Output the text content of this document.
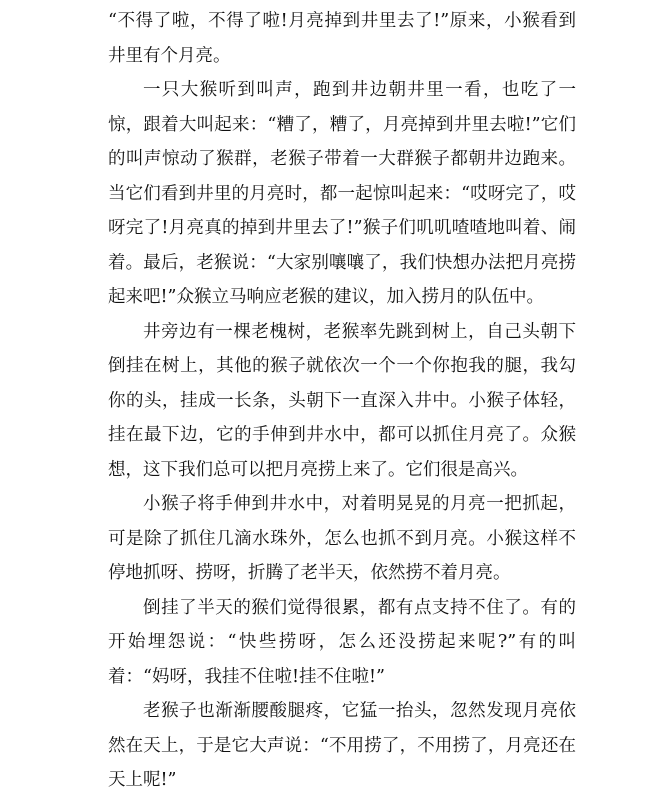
“不得了啦，不得了啦!月亮掉到井里去了!”原来，小猴看到井里有个月亮。

一只大猴听到叫声，跑到井边朝井里一看，也吃了一惊，跟着大叫起来：“糟了，糟了，月亮掉到井里去啦!”它们的叫声惊动了猴群，老猴子带着一大群猴子都朝井边跑来。当它们看到井里的月亮时，都一起惊叫起来：“哎呀完了，哎呀完了!月亮真的掉到井里去了!”猴子们叽叽喳喳地叫着、闹着。最后，老猴说：“大家别嚷嚷了，我们快想办法把月亮捞起来吧!”众猴立马响应老猴的建议，加入捞月的队伍中。

井旁边有一棵老槐树，老猴率先跳到树上，自己头朝下倒挂在树上，其他的猴子就依次一个一个你抱我的腿，我勾你的头，挂成一长条，头朝下一直深入井中。小猴子体轻，挂在最下边，它的手伸到井水中，都可以抓住月亮了。众猴想，这下我们总可以把月亮捞上来了。它们很是高兴。

小猴子将手伸到井水中，对着明晃晃的月亮一把抓起，可是除了抓住几滴水珠外，怎么也抓不到月亮。小猴这样不停地抓呀、捞呀，折腾了老半天，依然捞不着月亮。

倒挂了半天的猴们觉得很累，都有点支持不住了。有的开始埋怨说：“快些捞呀，怎么还没捞起来呢?”有的叫着：“妈呀，我挂不住啦!挂不住啦!”

老猴子也渐渐腰酸腿疼，它猛一抬头，忽然发现月亮依然在天上，于是它大声说：“不用捞了，不用捞了，月亮还在天上呢!”
